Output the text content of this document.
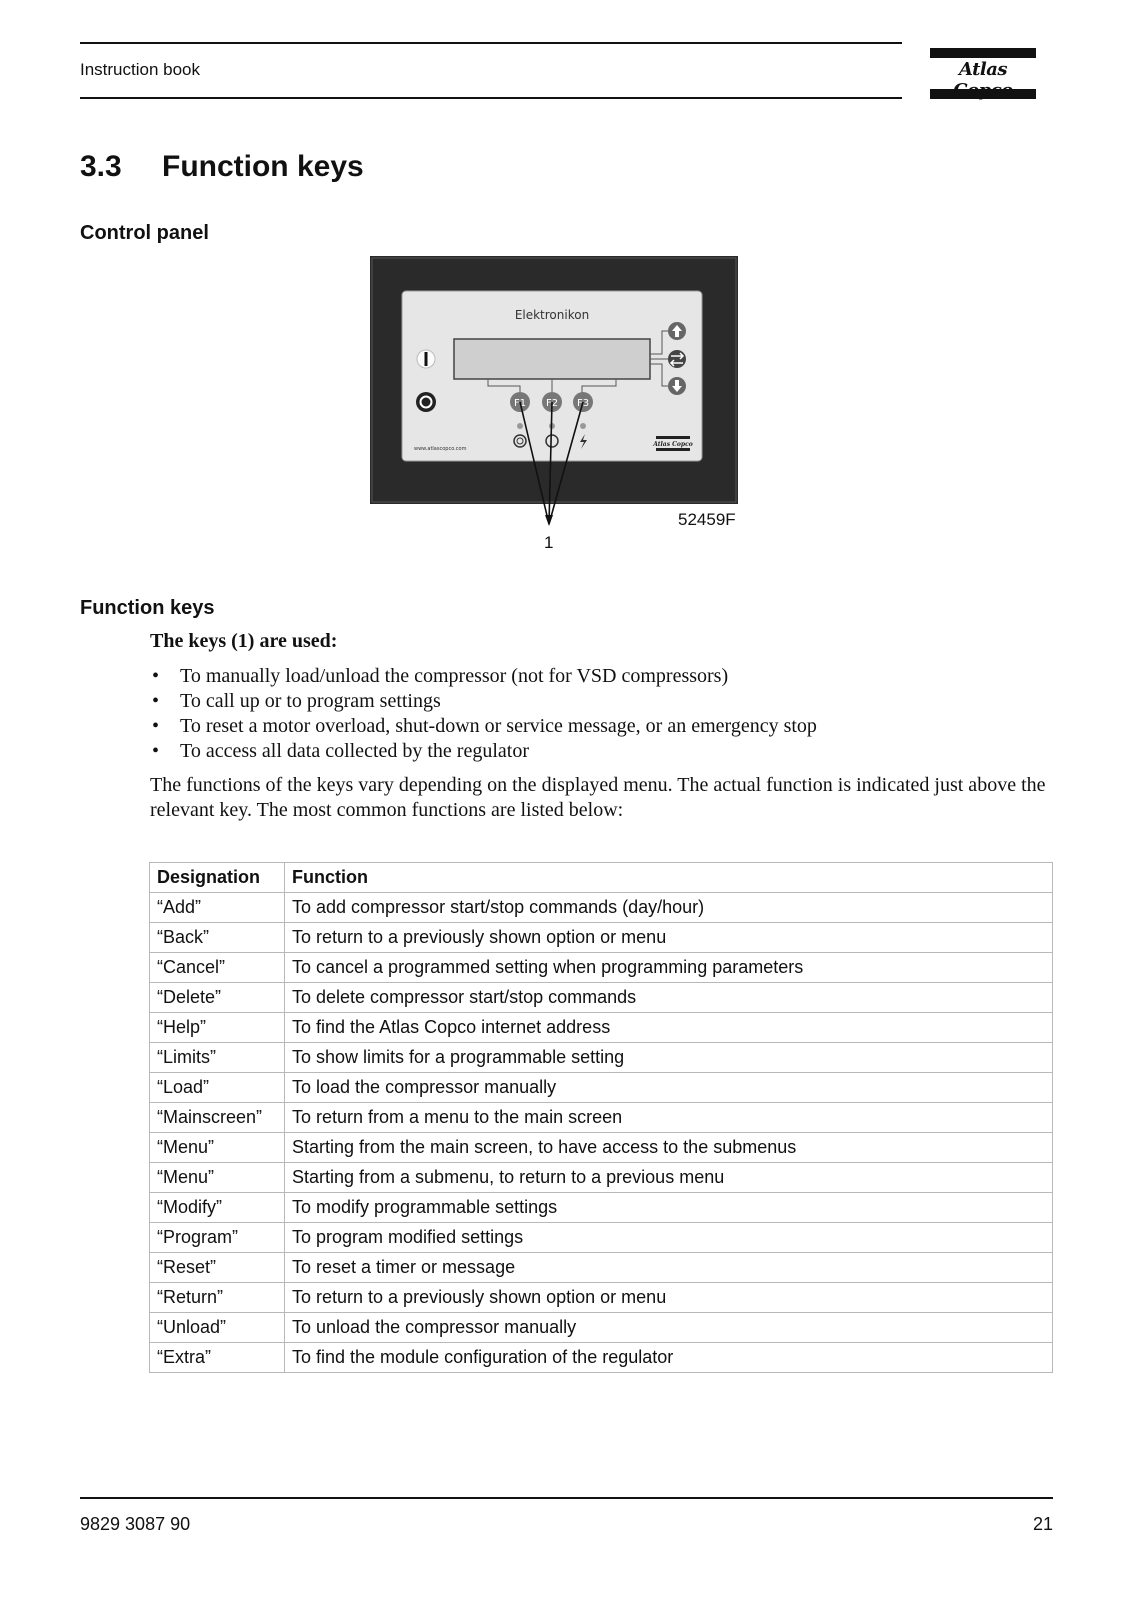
Instruction book	Atlas
3.3 Function keys
Control panel
Elektronikon
F1 F2 F3
www.atlascopco.com
Atlas Copco
52459F
1
Function keys
The keys (1) are used:
• To manually load/unload the compressor (not for VSD compressors)
• To call up or to program settings
• To reset a motor overload, shut-down or service message, or an emergency stop
• To access all data collected by the regulator

The functions of the keys vary depending on the displayed menu. The actual function is indicated just above the relevant key. The most common functions are listed below:

Designation	Function
“Add”	To add compressor start/stop commands (day/hour)
“Back”	To return to a previously shown option or menu
“Cancel”	To cancel a programmed setting when programming parameters
“Delete”	To delete compressor start/stop commands
“Help”	To find the Atlas Copco internet address
“Limits”	To show limits for a programmable setting
“Load”	To load the compressor manually
“Mainscreen”	To return from a menu to the main screen
“Menu”	Starting from the main screen, to have access to the submenus
“Menu”	Starting from a submenu, to return to a previous menu
“Modify”	To modify programmable settings
“Program”	To program modified settings
“Reset”	To reset a timer or message
“Return”	To return to a previously shown option or menu
“Unload”	To unload the compressor manually
“Extra”	To find the module configuration of the regulator
9829 3087 90	21
